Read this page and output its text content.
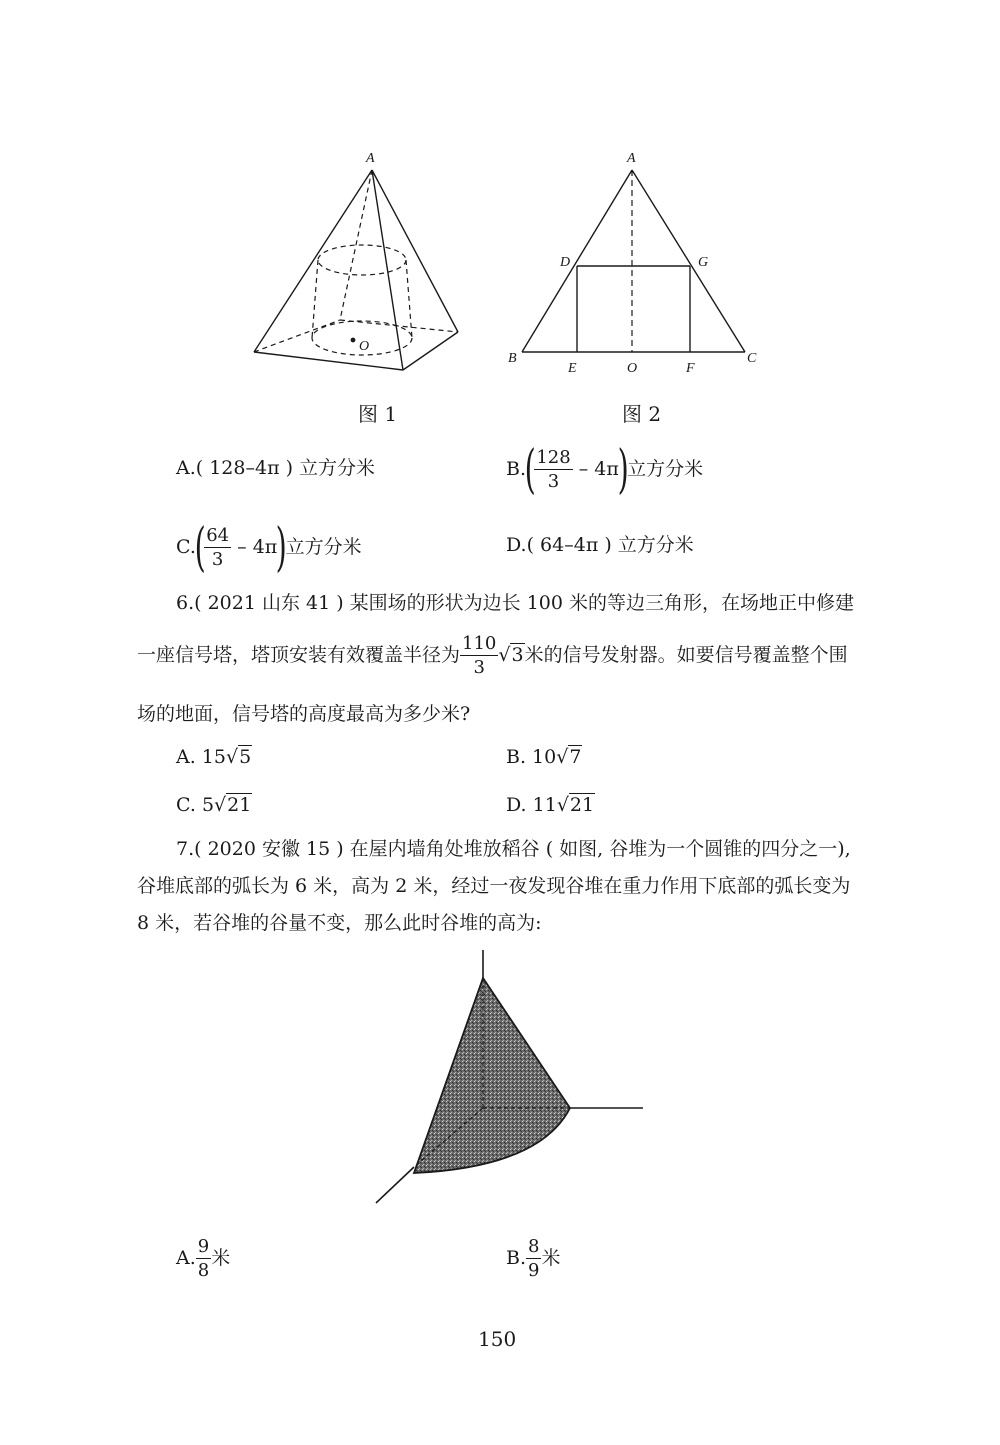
A
O
A
B	C
D	G
E	O	F
图 1	图 2
A.( 128–4π ) 立方分米	B.(
$\frac{128}{3} - 4\pi$)立方分米
C.(
$\frac{64}{3} - 4\pi$)立方分米	D.( 64–4π ) 立方分米
6.( 2021 山东 41 ) 某围场的形状为边长 100 米的等边三角形，在场地正中修建
一座信号塔，塔顶安装有效覆盖半径为 $\frac{110}{3} √3$米的信号发射器。如要信号覆盖整个围
场的地面，信号塔的高度最高为多少米?
A. 15√5	B. 10√7
C. 5√21	D. 11√21
7.( 2020 安徽 15 ) 在屋内墙角处堆放稻谷 ( 如图, 谷堆为一个圆锥的四分之一),
谷堆底部的弧长为 6 米，高为 2 米，经过一夜发现谷堆在重力作用下底部的弧长变为
8 米，若谷堆的谷量不变，那么此时谷堆的高为:
A. $\frac{9}{8}$ 米	B. $\frac{8}{9}$ 米
150
